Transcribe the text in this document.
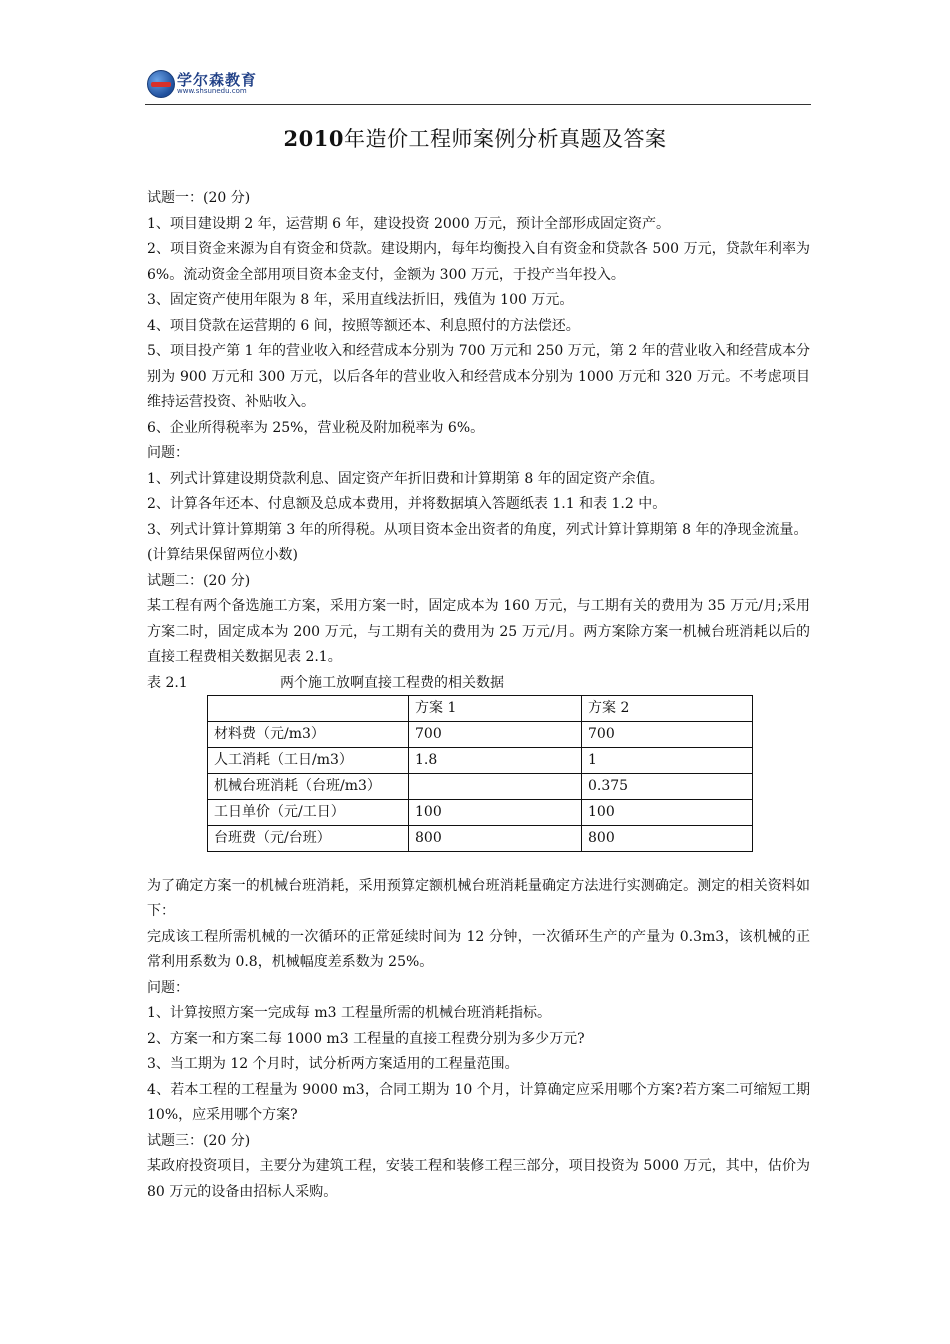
学尔森教育
www.shsunedu.com
2010年造价工程师案例分析真题及答案

试题一：(20 分)

1、项目建设期 2 年，运营期 6 年，建设投资 2000 万元，预计全部形成固定资产。

2、项目资金来源为自有资金和贷款。建设期内，每年均衡投入自有资金和贷款各 500 万元，贷款年利率为 6%。流动资金全部用项目资本金支付，金额为 300 万元，于投产当年投入。

3、固定资产使用年限为 8 年，采用直线法折旧，残值为 100 万元。

4、项目贷款在运营期的 6 间，按照等额还本、利息照付的方法偿还。

5、项目投产第 1 年的营业收入和经营成本分别为 700 万元和 250 万元，第 2 年的营业收入和经营成本分别为 900 万元和 300 万元，以后各年的营业收入和经营成本分别为 1000 万元和 320 万元。不考虑项目维持运营投资、补贴收入。

6、企业所得税率为 25%，营业税及附加税率为 6%。

问题：

1、列式计算建设期贷款利息、固定资产年折旧费和计算期第 8 年的固定资产余值。

2、计算各年还本、付息额及总成本费用，并将数据填入答题纸表 1.1 和表 1.2 中。

3、列式计算计算期第 3 年的所得税。从项目资本金出资者的角度，列式计算计算期第 8 年的净现金流量。

(计算结果保留两位小数)

试题二：(20 分)

某工程有两个备选施工方案，采用方案一时，固定成本为 160 万元，与工期有关的费用为 35 万元/月;采用方案二时，固定成本为 200 万元，与工期有关的费用为 25 万元/月。两方案除方案一机械台班消耗以后的直接工程费相关数据见表 2.1。

表 2.1	两个施工放啊直接工程费的相关数据
	方案 1	方案 2
材料费（元/m3）	700	700
人工消耗（工日/m3）	1.8	1
机械台班消耗（台班/m3）		0.375
工日单价（元/工日）	100	100
台班费（元/台班）	800	800

为了确定方案一的机械台班消耗，采用预算定额机械台班消耗量确定方法进行实测确定。测定的相关资料如下：

完成该工程所需机械的一次循环的正常延续时间为 12 分钟，一次循环生产的产量为 0.3m3，该机械的正常利用系数为 0.8，机械幅度差系数为 25%。

问题：

1、计算按照方案一完成每 m3 工程量所需的机械台班消耗指标。

2、方案一和方案二每 1000 m3 工程量的直接工程费分别为多少万元?

3、当工期为 12 个月时，试分析两方案适用的工程量范围。

4、若本工程的工程量为 9000 m3，合同工期为 10 个月，计算确定应采用哪个方案?若方案二可缩短工期 10%，应采用哪个方案?

试题三：(20 分)

某政府投资项目，主要分为建筑工程，安装工程和装修工程三部分，项目投资为 5000 万元，其中，估价为 80 万元的设备由招标人采购。
